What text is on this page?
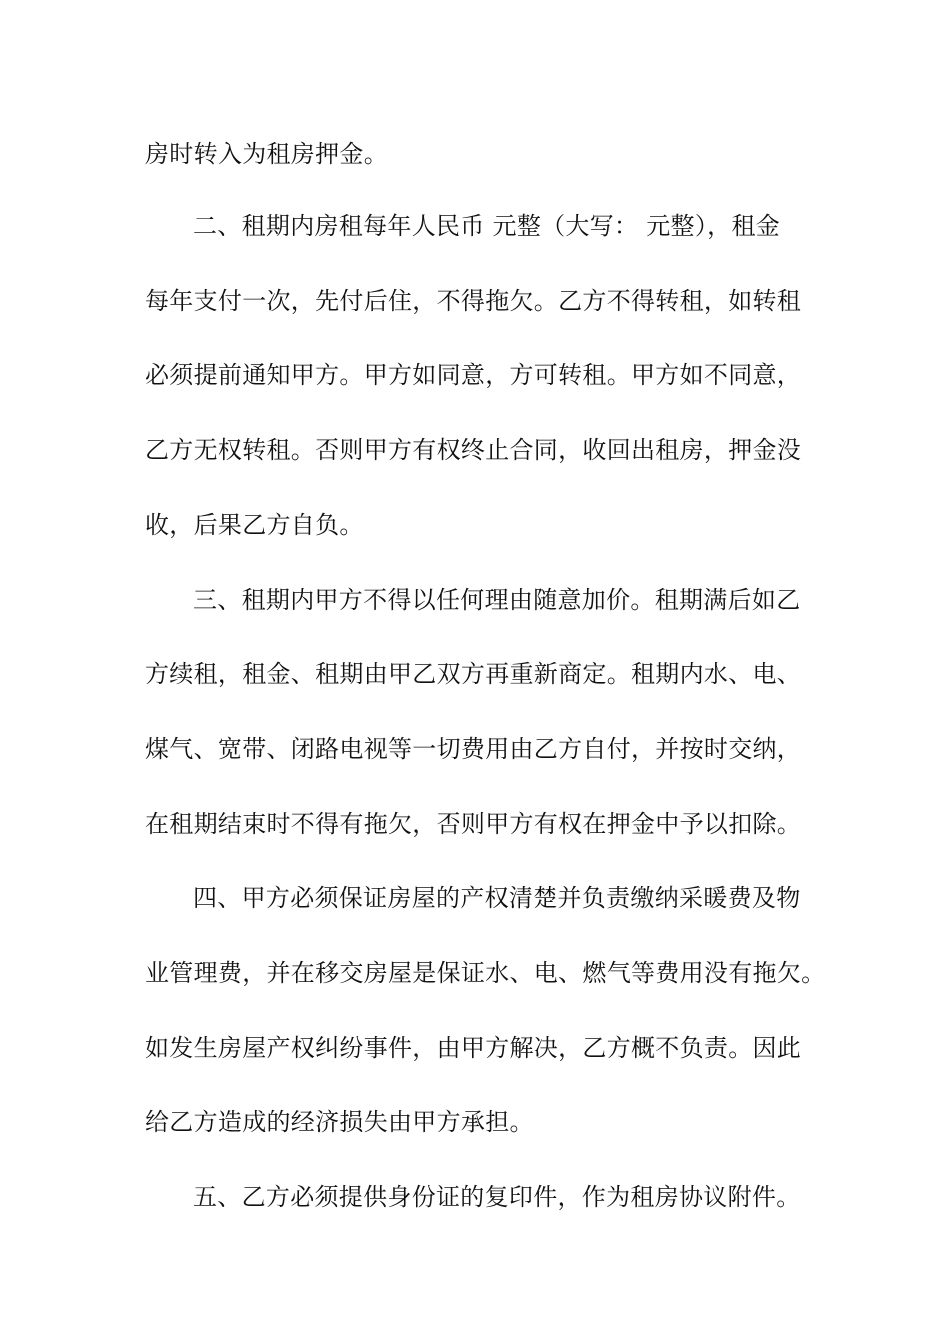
房时转入为租房押金。
二、租期内房租每年人民币 元整（大写： 元整），租金
每年支付一次，先付后住，不得拖欠。乙方不得转租，如转租
必须提前通知甲方。甲方如同意，方可转租。甲方如不同意，
乙方无权转租。否则甲方有权终止合同，收回出租房，押金没
收，后果乙方自负。
三、租期内甲方不得以任何理由随意加价。租期满后如乙
方续租，租金、租期由甲乙双方再重新商定。租期内水、电、
煤气、宽带、闭路电视等一切费用由乙方自付，并按时交纳，
在租期结束时不得有拖欠，否则甲方有权在押金中予以扣除。
四、甲方必须保证房屋的产权清楚并负责缴纳采暖费及物
业管理费，并在移交房屋是保证水、电、燃气等费用没有拖欠。
如发生房屋产权纠纷事件，由甲方解决，乙方概不负责。因此
给乙方造成的经济损失由甲方承担。
五、乙方必须提供身份证的复印件，作为租房协议附件。
